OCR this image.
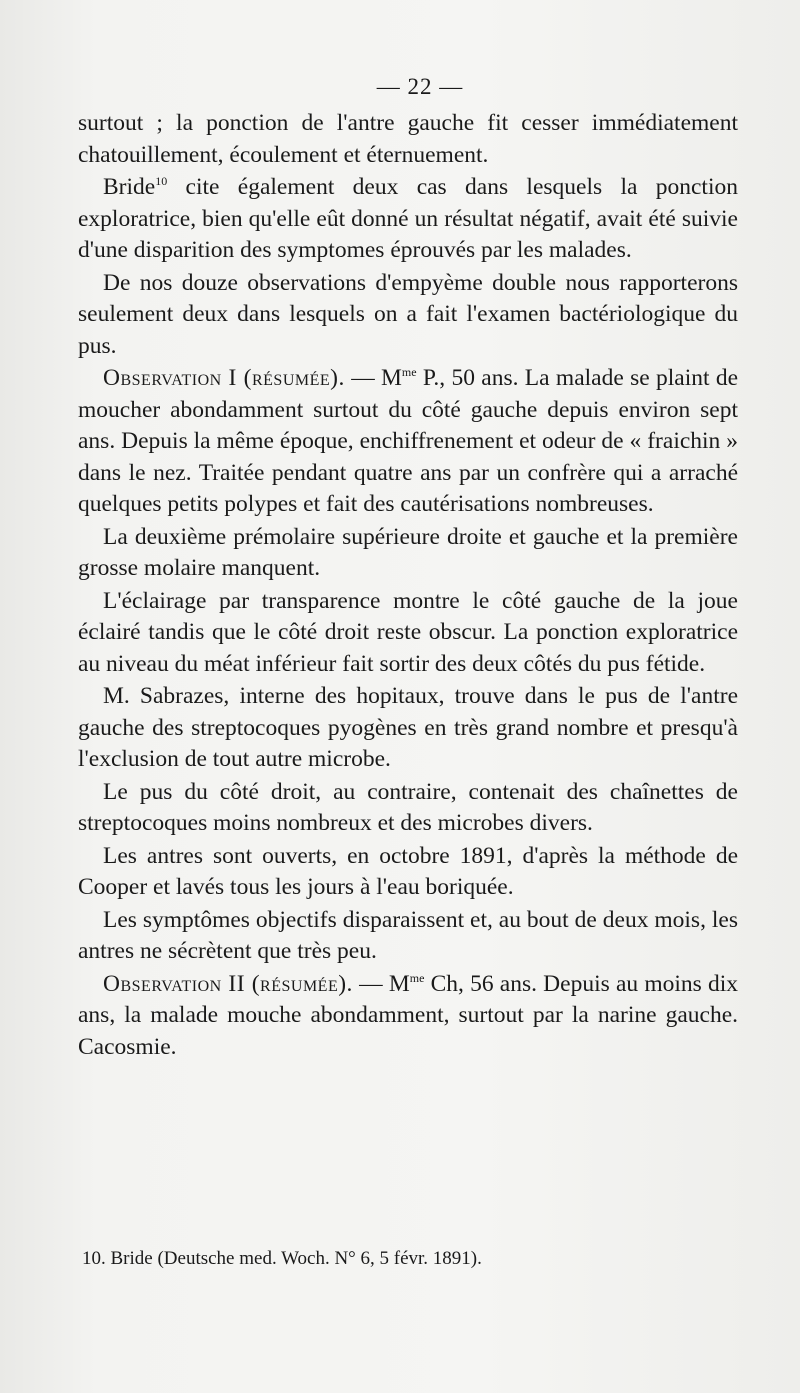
— 22 —

surtout ; la ponction de l'antre gauche fit cesser immédiatement chatouillement, écoulement et éternuement.

Bride$^{10}$ cite également deux cas dans lesquels la ponction exploratrice, bien qu'elle eût donné un résultat négatif, avait été suivie d'une disparition des symptomes éprouvés par les malades.

De nos douze observations d'empyème double nous rapporterons seulement deux dans lesquels on a fait l'examen bactériologique du pus.

Observation I (résumée). — $M^{me}$ P., 50 ans. La malade se plaint de moucher abondamment surtout du côté gauche depuis environ sept ans. Depuis la même époque, enchiffrenement et odeur de « fraichin » dans le nez. Traitée pendant quatre ans par un confrère qui a arraché quelques petits polypes et fait des cautérisations nombreuses.

La deuxième prémolaire supérieure droite et gauche et la première grosse molaire manquent.

L'éclairage par transparence montre le côté gauche de la joue éclairé tandis que le côté droit reste obscur. La ponction exploratrice au niveau du méat inférieur fait sortir des deux côtés du pus fétide.

M. Sabrazes, interne des hopitaux, trouve dans le pus de l'antre gauche des streptocoques pyogènes en très grand nombre et presqu'à l'exclusion de tout autre microbe.

Le pus du côté droit, au contraire, contenait des chaînettes de streptocoques moins nombreux et des microbes divers.

Les antres sont ouverts, en octobre 1891, d'après la méthode de Cooper et lavés tous les jours à l'eau boriquée.

Les symptômes objectifs disparaissent et, au bout de deux mois, les antres ne sécrètent que très peu.

Observation II (résumée). — $M^{me}$ Ch, 56 ans. Depuis au moins dix ans, la malade mouche abondamment, surtout par la narine gauche. Cacosmie.

10. Bride (Deutsche med. Woch. N° 6, 5 févr. 1891).
